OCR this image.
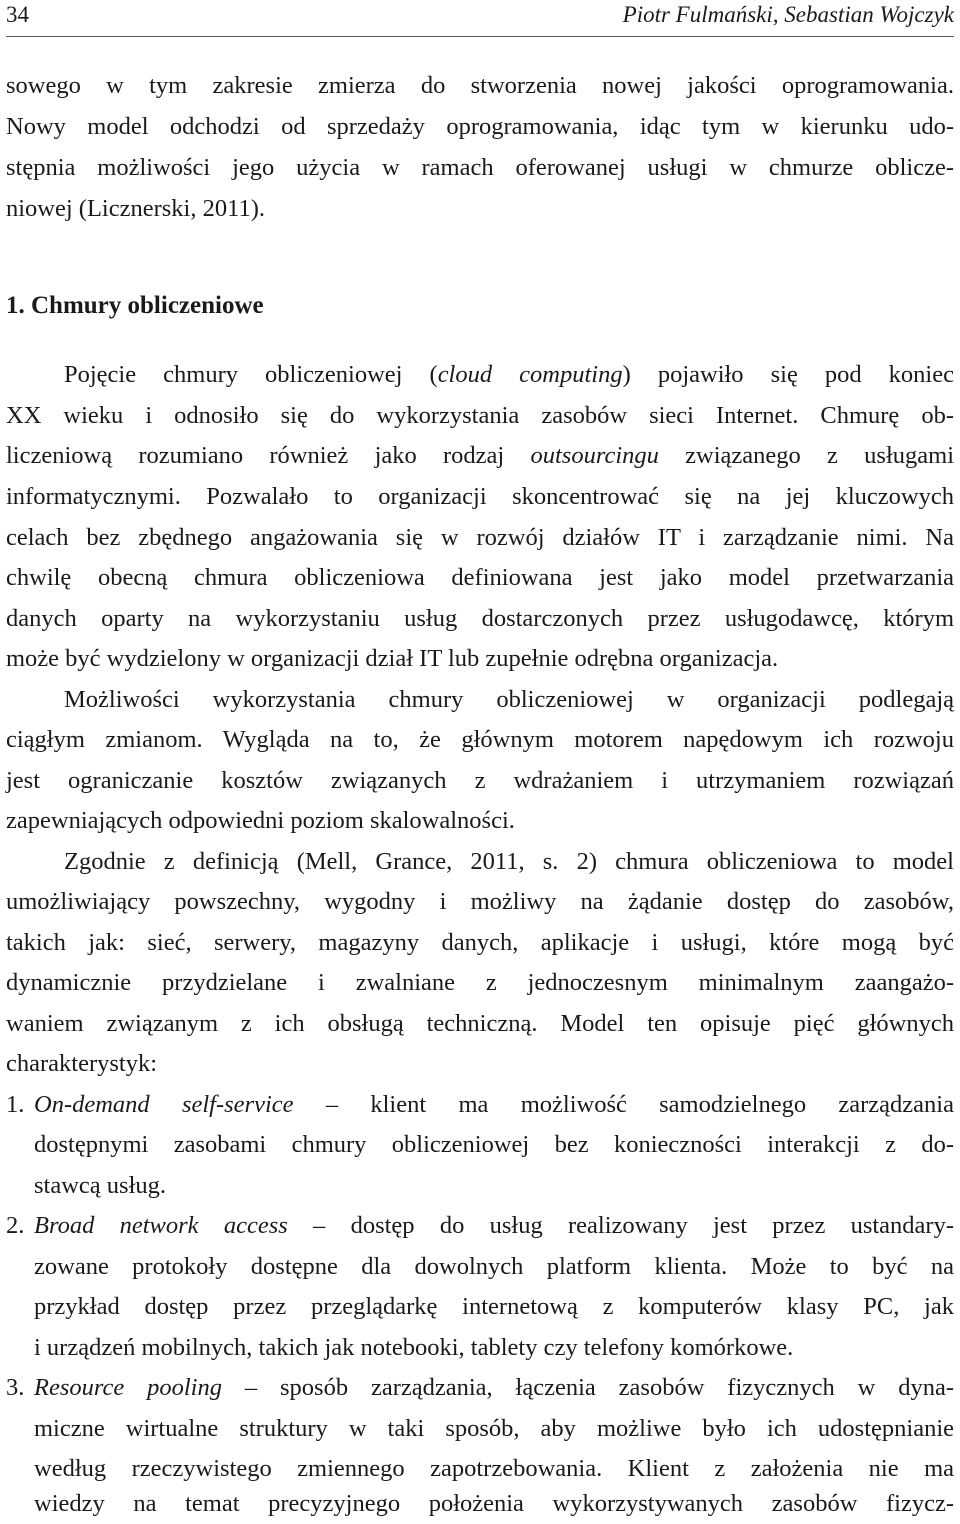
34	Piotr Fulmański, Sebastian Wojczyk
sowego w tym zakresie zmierza do stworzenia nowej jakości oprogramowania.
Nowy model odchodzi od sprzedaży oprogramowania, idąc tym w kierunku udo-
stępnia możliwości jego użycia w ramach oferowanej usługi w chmurze oblicze-
niowej (Licznerski, 2011).
1. Chmury obliczeniowe
Pojęcie chmury obliczeniowej (cloud computing) pojawiło się pod koniec
XX wieku i odnosiło się do wykorzystania zasobów sieci Internet. Chmurę ob-
liczeniową rozumiano również jako rodzaj outsourcingu związanego z usługami
informatycznymi. Pozwalało to organizacji skoncentrować się na jej kluczowych
celach bez zbędnego angażowania się w rozwój działów IT i zarządzanie nimi. Na
chwilę obecną chmura obliczeniowa definiowana jest jako model przetwarzania
danych oparty na wykorzystaniu usług dostarczonych przez usługodawcę, którym
może być wydzielony w organizacji dział IT lub zupełnie odrębna organizacja.
Możliwości wykorzystania chmury obliczeniowej w organizacji podlegają
ciągłym zmianom. Wygląda na to, że głównym motorem napędowym ich rozwoju
jest ograniczanie kosztów związanych z wdrażaniem i utrzymaniem rozwiązań
zapewniających odpowiedni poziom skalowalności.
Zgodnie z definicją (Mell, Grance, 2011, s. 2) chmura obliczeniowa to model
umożliwiający powszechny, wygodny i możliwy na żądanie dostęp do zasobów,
takich jak: sieć, serwery, magazyny danych, aplikacje i usługi, które mogą być
dynamicznie przydzielane i zwalniane z jednoczesnym minimalnym zaangażo-
waniem związanym z ich obsługą techniczną. Model ten opisuje pięć głównych
charakterystyk:
1. On-demand self-service – klient ma możliwość samodzielnego zarządzania
dostępnymi zasobami chmury obliczeniowej bez konieczności interakcji z do-
stawcą usług.
2. Broad network access – dostęp do usług realizowany jest przez ustandary-
zowane protokoły dostępne dla dowolnych platform klienta. Może to być na
przykład dostęp przez przeglądarkę internetową z komputerów klasy PC, jak
i urządzeń mobilnych, takich jak notebooki, tablety czy telefony komórkowe.
3. Resource pooling – sposób zarządzania, łączenia zasobów fizycznych w dyna-
miczne wirtualne struktury w taki sposób, aby możliwe było ich udostępnianie
według rzeczywistego zmiennego zapotrzebowania. Klient z założenia nie ma
wiedzy na temat precyzyjnego położenia wykorzystywanych zasobów fizycz-
